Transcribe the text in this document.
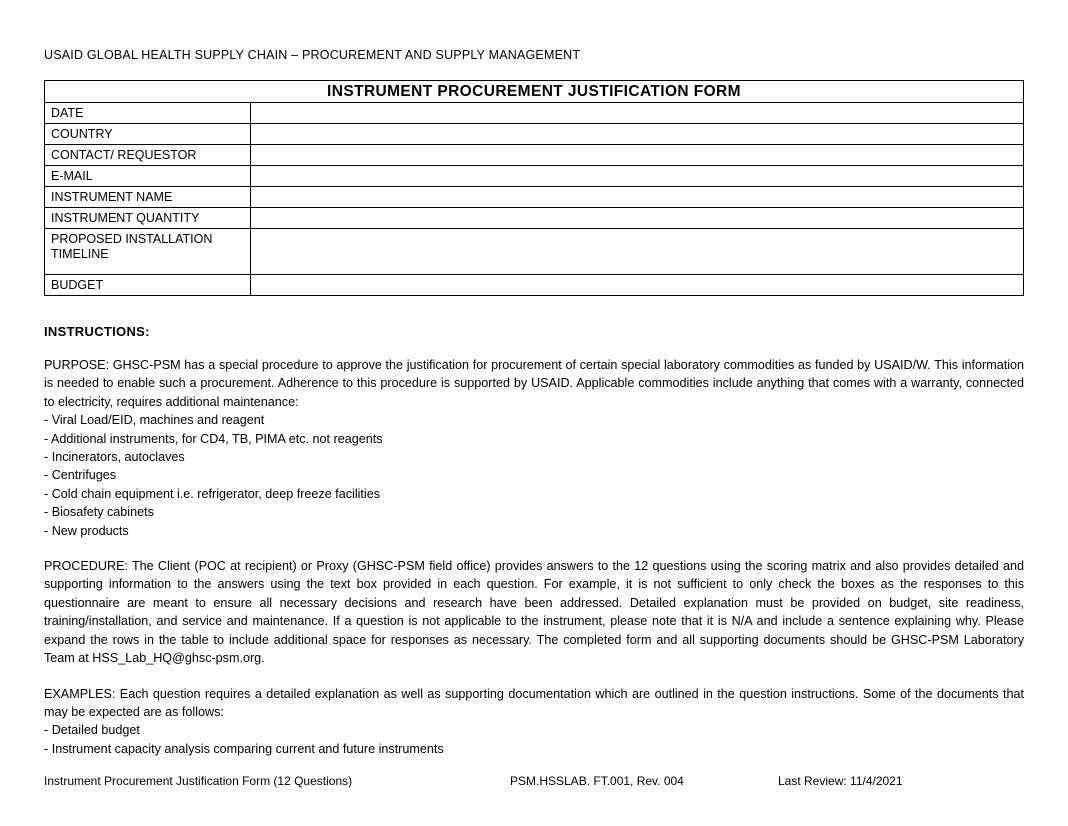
USAID GLOBAL HEALTH SUPPLY CHAIN – PROCUREMENT AND SUPPLY MANAGEMENT
INSTRUMENT PROCUREMENT JUSTIFICATION FORM	
DATE	
COUNTRY	
CONTACT/ REQUESTOR	
E-MAIL	
INSTRUMENT NAME	
INSTRUMENT QUANTITY	
PROPOSED INSTALLATION TIMELINE	
BUDGET	
INSTRUCTIONS:

PURPOSE: GHSC-PSM has a special procedure to approve the justification for procurement of certain special laboratory commodities as funded by USAID/W. This information is needed to enable such a procurement. Adherence to this procedure is supported by USAID. Applicable commodities include anything that comes with a warranty, connected to electricity, requires additional maintenance:

- Viral Load/EID, machines and reagent
- Additional instruments, for CD4, TB, PIMA etc. not reagents
- Incinerators, autoclaves
- Centrifuges
- Cold chain equipment i.e. refrigerator, deep freeze facilities
- Biosafety cabinets
- New products

PROCEDURE: The Client (POC at recipient) or Proxy (GHSC-PSM field office) provides answers to the 12 questions using the scoring matrix and also provides detailed and supporting information to the answers using the text box provided in each question. For example, it is not sufficient to only check the boxes as the responses to this questionnaire are meant to ensure all necessary decisions and research have been addressed. Detailed explanation must be provided on budget, site readiness, training/installation, and service and maintenance. If a question is not applicable to the instrument, please note that it is N/A and include a sentence explaining why. Please expand the rows in the table to include additional space for responses as necessary. The completed form and all supporting documents should be GHSC-PSM Laboratory Team at HSS_Lab_HQ@ghsc-psm.org.

EXAMPLES: Each question requires a detailed explanation as well as supporting documentation which are outlined in the question instructions. Some of the documents that may be expected are as follows:

- Detailed budget
- Instrument capacity analysis comparing current and future instruments
Instrument Procurement Justification Form (12 Questions)	PSM.HSSLAB. FT.001, Rev. 004	Last Review: 11/4/2021
